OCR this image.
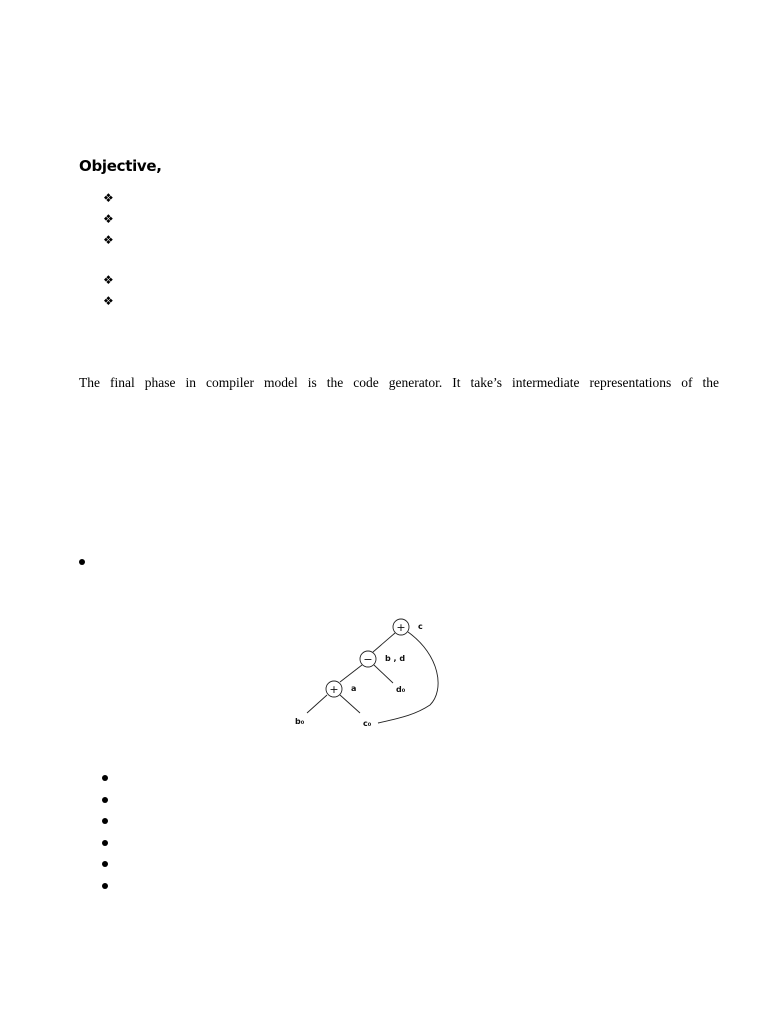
Objective,
❖
❖
❖
❖
❖
The final phase in compiler model is the code generator. It take’s intermediate representations of the
+ c
− b , d
+ a
b₀	c₀
d₀
